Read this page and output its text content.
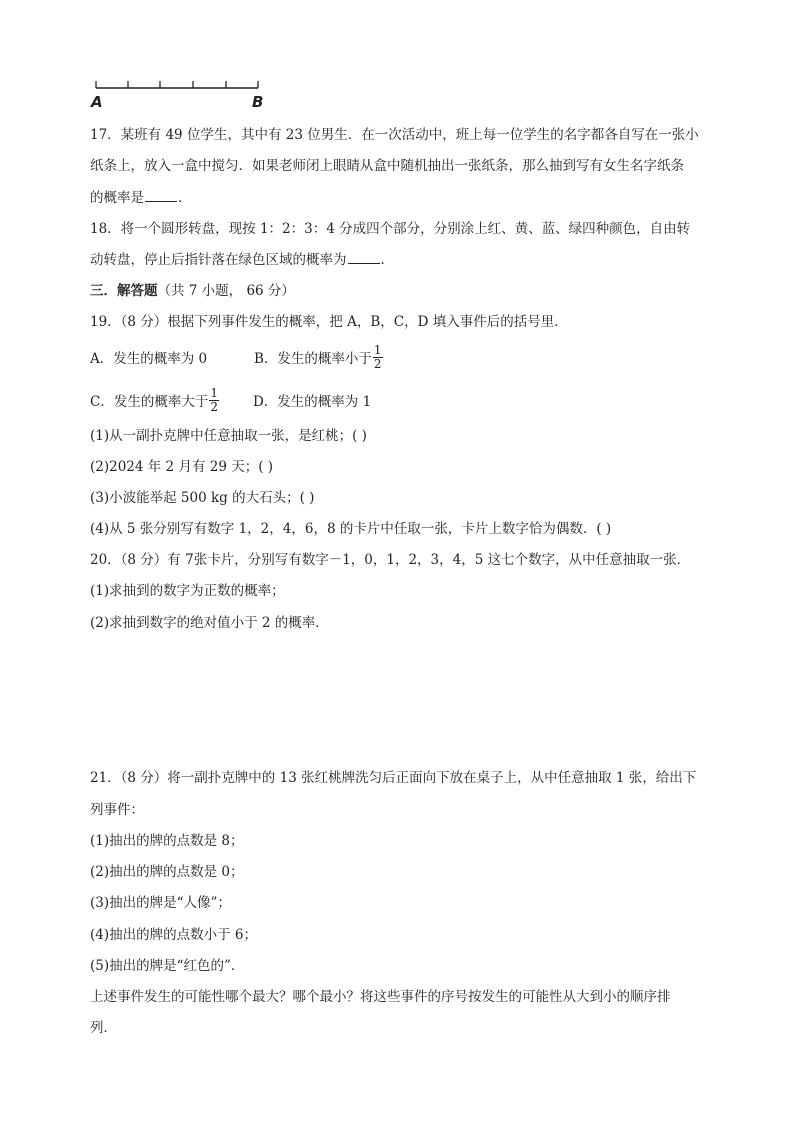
A	B
17．某班有 49 位学生，其中有 23 位男生．在一次活动中，班上每一位学生的名字都各自写在一张小
纸条上，放入一盒中搅匀．如果老师闭上眼睛从盒中随机抽出一张纸条，那么抽到写有女生名字纸条
的概率是	．
18．将一个圆形转盘，现按 1：2：3：4 分成四个部分，分别涂上红、黄、蓝、绿四种颜色，自由转
动转盘，停止后指针落在绿色区域的概率为	．
三．解答题（共 7 小题， 66 分）
19．（8 分）根据下列事件发生的概率，把 A，B，C，D 填入事件后的括号里．
A．发生的概率为 0	B．发生的概率小于 $\frac{1}{2}$
C．发生的概率大于 $\frac{1}{2}$	D．发生的概率为 1
(1)从一副扑克牌中任意抽取一张，是红桃；( )
(2)2024 年 2 月有 29 天；( )
(3)小波能举起 500 kg 的大石头；( )
(4)从 5 张分别写有数字 1，2，4，6，8 的卡片中任取一张，卡片上数字恰为偶数．( )
20．（8 分）有 7张卡片，分别写有数字－1，0，1，2，3，4，5 这七个数字，从中任意抽取一张．
(1)求抽到的数字为正数的概率；
(2)求抽到数字的绝对值小于 2 的概率．
21．（8 分）将一副扑克牌中的 13 张红桃牌洗匀后正面向下放在桌子上，从中任意抽取 1 张，给出下
列事件：
(1)抽出的牌的点数是 8；
(2)抽出的牌的点数是 0；
(3)抽出的牌是“人像”；
(4)抽出的牌的点数小于 6；
(5)抽出的牌是“红色的”．
上述事件发生的可能性哪个最大？哪个最小？将这些事件的序号按发生的可能性从大到小的顺序排
列．
